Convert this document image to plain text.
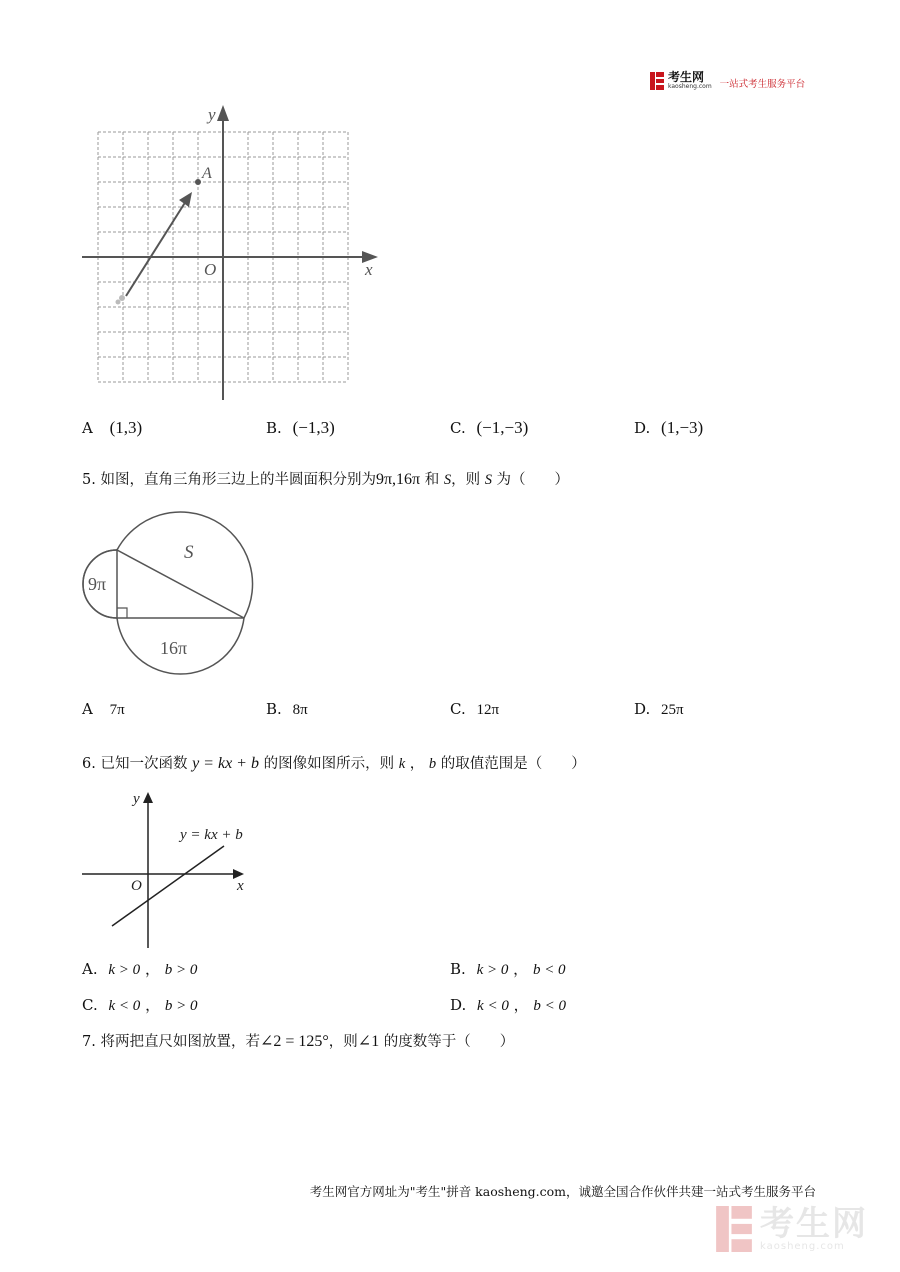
考生网
kaosheng.com 一站式考生服务平台
y
x
O
A
A (1,3)	B. (−1,3)	C. (−1,−3)	D. (1,−3)
5. 如图，直角三角形三边上的半圆面积分别为9π,16π 和 S，则 S 为（　　）
S
9π
16π
A 7π	B. 8π	C. 12π	D. 25π
6. 已知一次函数 y = kx + b 的图像如图所示，则 k ， b 的取值范围是（　　）
y
x
O
y = kx + b
A. k > 0 ， b > 0	B. k > 0 ， b < 0
C. k < 0 ， b > 0	D. k < 0 ， b < 0
7. 将两把直尺如图放置，若∠2 = 125°，则∠1 的度数等于（　　）
考生网官方网址为"考生"拼音 kaosheng.com，诚邀全国合作伙伴共建一站式考生服务平台
考生网
kaosheng.com
